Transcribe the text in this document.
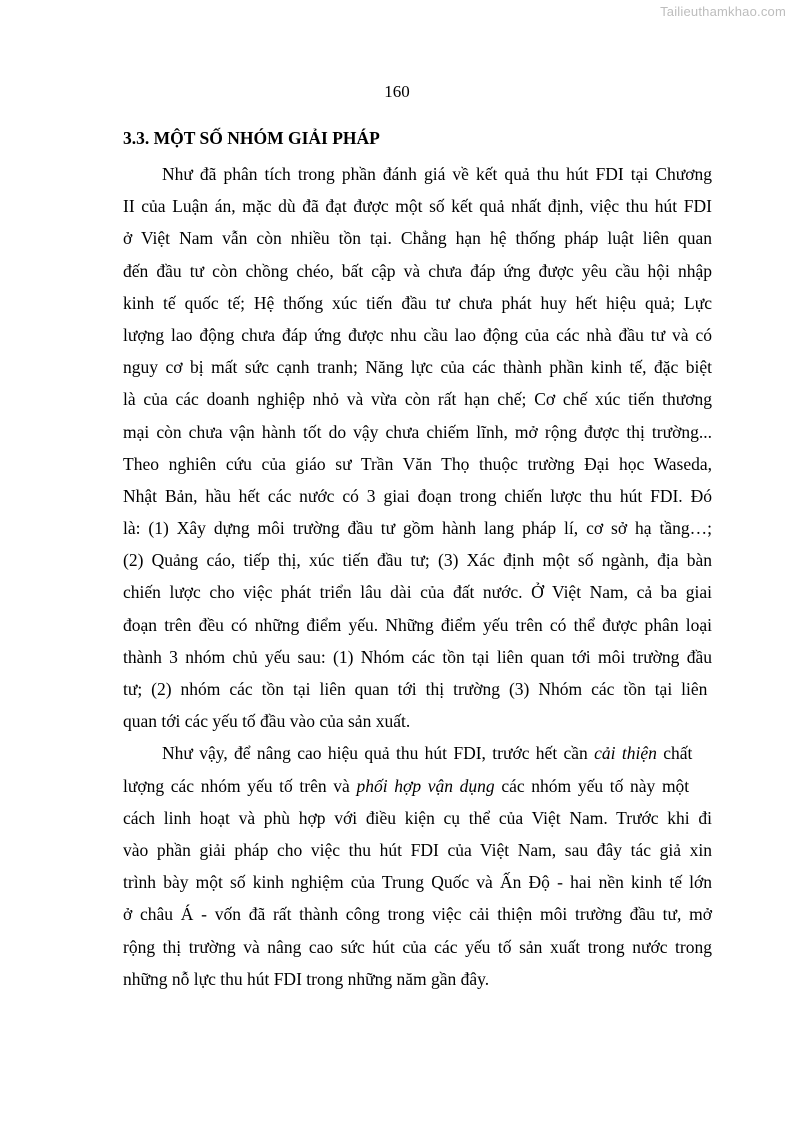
Tailieuthamkhao.com
160
3.3. MỘT SỐ NHÓM GIẢI PHÁP
Như đã phân tích trong phần đánh giá về kết quả thu hút FDI tại Chương
II của Luận án, mặc dù đã đạt được một số kết quả nhất định, việc thu hút FDI
ở Việt Nam vẫn còn nhiều tồn tại. Chẳng hạn hệ thống pháp luật liên quan
đến đầu tư còn chồng chéo, bất cập và chưa đáp ứng được yêu cầu hội nhập
kinh tế quốc tế; Hệ thống xúc tiến đầu tư chưa phát huy hết hiệu quả; Lực
lượng lao động chưa đáp ứng được nhu cầu lao động của các nhà đầu tư và có
nguy cơ bị mất sức cạnh tranh; Năng lực của các thành phần kinh tế, đặc biệt
là của các doanh nghiệp nhỏ và vừa còn rất hạn chế; Cơ chế xúc tiến thương
mại còn chưa vận hành tốt do vậy chưa chiếm lĩnh, mở rộng được thị trường...
Theo nghiên cứu của giáo sư Trần Văn Thọ thuộc trường Đại học Waseda,
Nhật Bản, hầu hết các nước có 3 giai đoạn trong chiến lược thu hút FDI. Đó
là: (1) Xây dựng môi trường đầu tư gồm hành lang pháp lí, cơ sở hạ tầng…;
(2) Quảng cáo, tiếp thị, xúc tiến đầu tư; (3) Xác định một số ngành, địa bàn
chiến lược cho việc phát triển lâu dài của đất nước. Ở Việt Nam, cả ba giai
đoạn trên đều có những điểm yếu. Những điểm yếu trên có thể được phân loại
thành 3 nhóm chủ yếu sau: (1) Nhóm các tồn tại liên quan tới môi trường đầu
tư; (2) nhóm các tồn tại liên quan tới thị trường (3) Nhóm các tồn tại liên
quan tới các yếu tố đầu vào của sản xuất.
Như vậy, để nâng cao hiệu quả thu hút FDI, trước hết cần cải thiện chất
lượng các nhóm yếu tố trên và phối hợp vận dụng các nhóm yếu tố này một
cách linh hoạt và phù hợp với điều kiện cụ thể của Việt Nam. Trước khi đi
vào phần giải pháp cho việc thu hút FDI của Việt Nam, sau đây tác giả xin
trình bày một số kinh nghiệm của Trung Quốc và Ấn Độ - hai nền kinh tế lớn
ở châu Á - vốn đã rất thành công trong việc cải thiện môi trường đầu tư, mở
rộng thị trường và nâng cao sức hút của các yếu tố sản xuất trong nước trong
những nỗ lực thu hút FDI trong những năm gần đây.
